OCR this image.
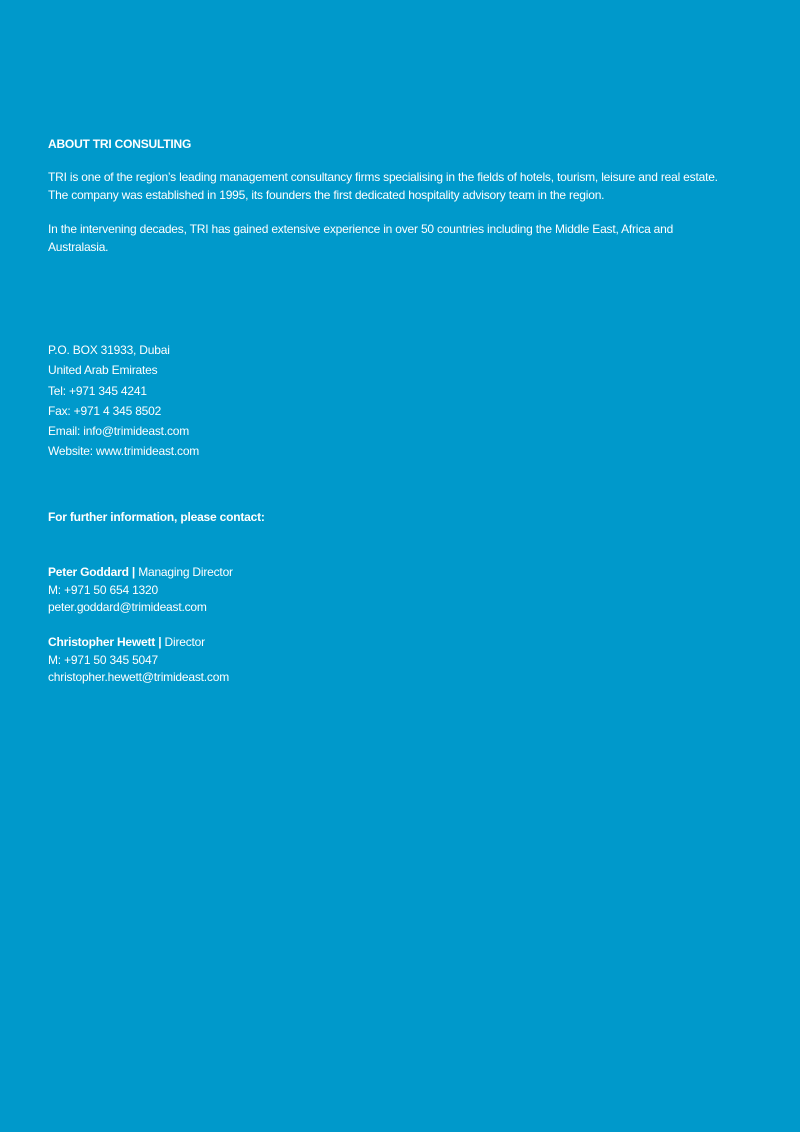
ABOUT TRI CONSULTING
TRI is one of the region’s leading management consultancy firms specialising in the fields of hotels, tourism, leisure and real estate.
The company was established in 1995, its founders the first dedicated hospitality advisory team in the region.
In the intervening decades, TRI has gained extensive experience in over 50 countries including the Middle East, Africa and
Australasia.
P.O. BOX 31933, Dubai
United Arab Emirates
Tel: +971 345 4241
Fax: +971 4 345 8502
Email: info@trimideast.com
Website: www.trimideast.com
For further information, please contact:
Peter Goddard | Managing Director
M: +971 50 654 1320
peter.goddard@trimideast.com
Christopher Hewett | Director
M: +971 50 345 5047
christopher.hewett@trimideast.com
